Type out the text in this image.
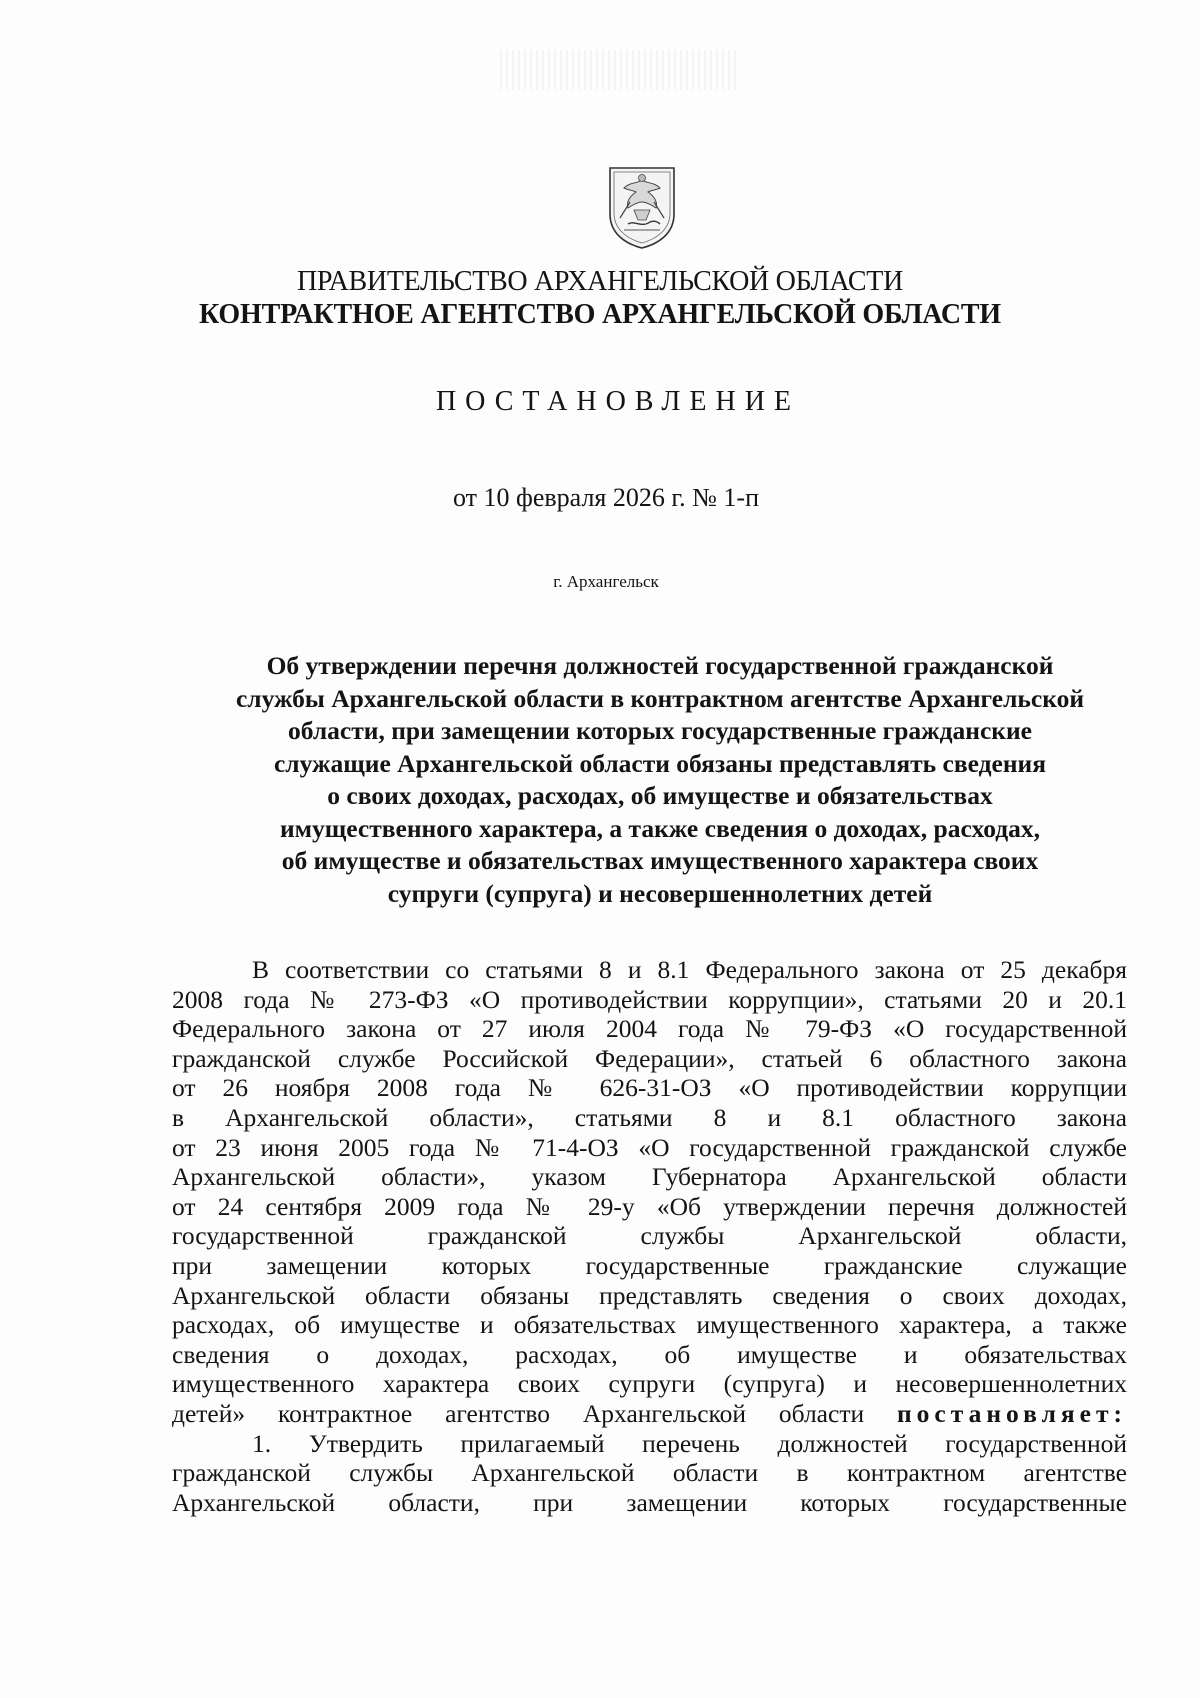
ПРАВИТЕЛЬСТВО АРХАНГЕЛЬСКОЙ ОБЛАСТИ
КОНТРАКТНОЕ АГЕНТСТВО АРХАНГЕЛЬСКОЙ ОБЛАСТИ
ПОСТАНОВЛЕНИЕ
от 10 февраля 2026 г. № 1-п
г. Архангельск
Об утверждении перечня должностей государственной гражданской
службы Архангельской области в контрактном агентстве Архангельской
области, при замещении которых государственные гражданские
служащие Архангельской области обязаны представлять сведения
о своих доходах, расходах, об имуществе и обязательствах
имущественного характера, а также сведения о доходах, расходах,
об имуществе и обязательствах имущественного характера своих
супруги (супруга) и несовершеннолетних детей
В соответствии со статьями 8 и 8.1 Федерального закона от 25 декабря
2008 года № 273-ФЗ «О противодействии коррупции», статьями 20 и 20.1
Федерального закона от 27 июля 2004 года № 79-ФЗ «О государственной
гражданской службе Российской Федерации», статьей 6 областного закона
от 26 ноября 2008 года № 626-31-ОЗ «О противодействии коррупции
в Архангельской области», статьями 8 и 8.1 областного закона
от 23 июня 2005 года № 71-4-ОЗ «О государственной гражданской службе
Архангельской области», указом Губернатора Архангельской области
от 24 сентября 2009 года № 29-у «Об утверждении перечня должностей
государственной гражданской службы Архангельской области,
при замещении которых государственные гражданские служащие
Архангельской области обязаны представлять сведения о своих доходах,
расходах, об имуществе и обязательствах имущественного характера, а также
сведения о доходах, расходах, об имуществе и обязательствах
имущественного характера своих супруги (супруга) и несовершеннолетних
детей» контрактное агентство Архангельской области постановляет:
1. Утвердить прилагаемый перечень должностей государственной
гражданской службы Архангельской области в контрактном агентстве
Архангельской области, при замещении которых государственные
